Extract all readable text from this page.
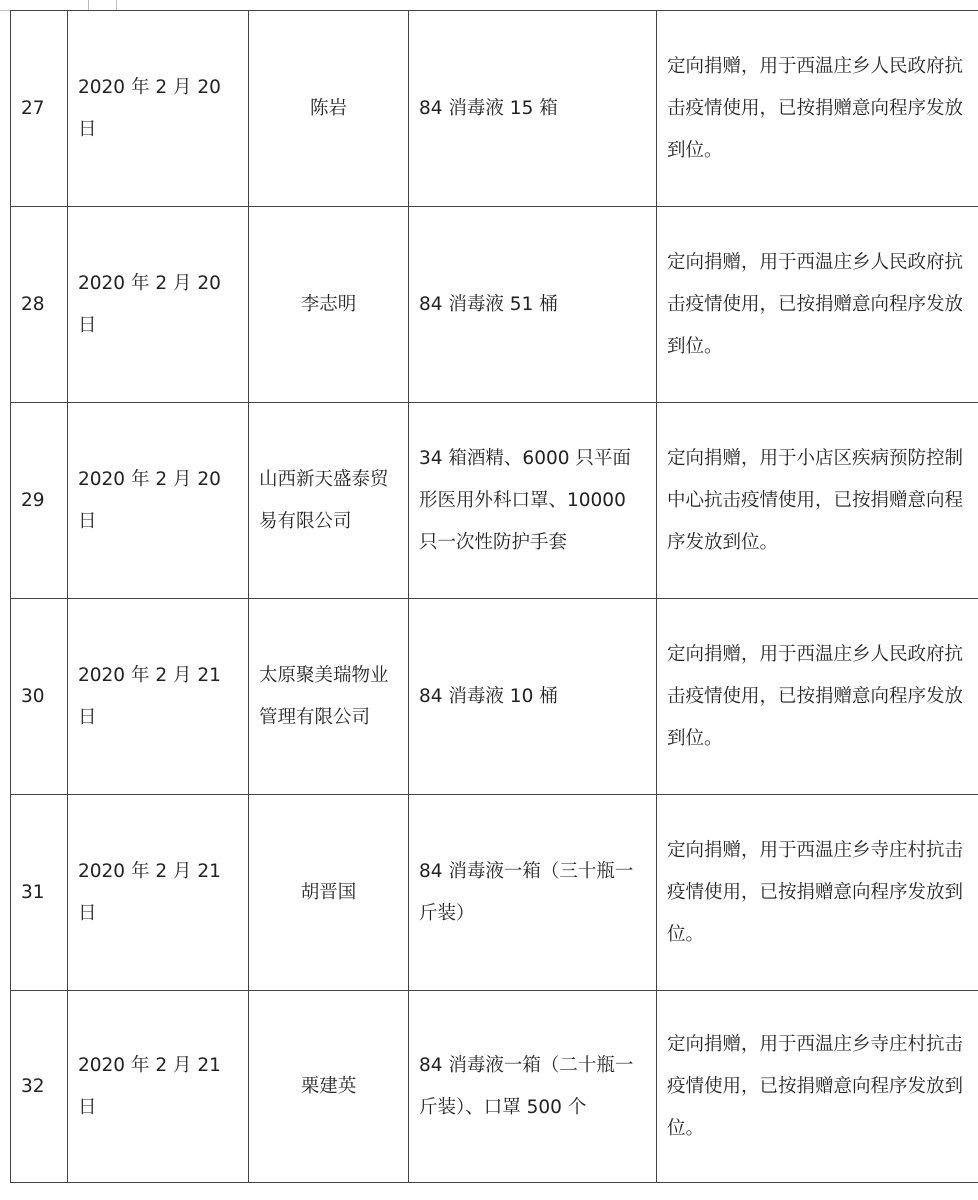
27	2020 年 2 月 20 日	陈岩	84 消毒液 15 箱	定向捐赠，用于西温庄乡人民政府抗击疫情使用，已按捐赠意向程序发放到位。
28	2020 年 2 月 20 日	李志明	84 消毒液 51 桶	定向捐赠，用于西温庄乡人民政府抗击疫情使用，已按捐赠意向程序发放到位。
29	2020 年 2 月 20 日	山西新天盛泰贸易有限公司	34 箱酒精、6000 只平面形医用外科口罩、10000 只一次性防护手套	定向捐赠，用于小店区疾病预防控制中心抗击疫情使用，已按捐赠意向程序发放到位。
30	2020 年 2 月 21 日	太原聚美瑞物业管理有限公司	84 消毒液 10 桶	定向捐赠，用于西温庄乡人民政府抗击疫情使用，已按捐赠意向程序发放到位。
31	2020 年 2 月 21 日	胡晋国	84 消毒液一箱（三十瓶一斤装）	定向捐赠，用于西温庄乡寺庄村抗击疫情使用，已按捐赠意向程序发放到位。
32	2020 年 2 月 21 日	栗建英	84 消毒液一箱（二十瓶一斤装）、口罩 500 个	定向捐赠，用于西温庄乡寺庄村抗击疫情使用，已按捐赠意向程序发放到位。
